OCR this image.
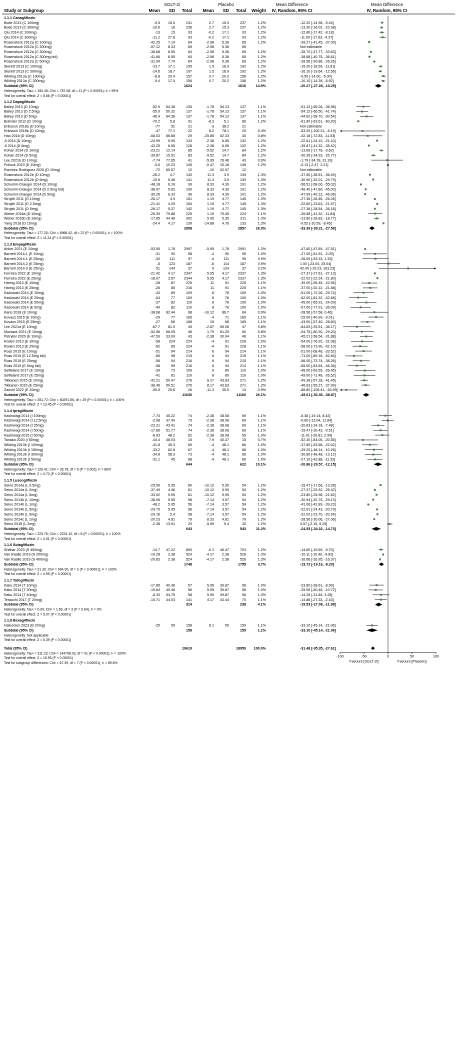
Study or Subgroup
SGLT-2i	Placebo
Mean SD Total Mean SD Total Weight
Mean Difference
IV, Random, 95% CI
Mean Difference
IV, Random, 95% CI
1.1.1 Canagliflozin
Bode 2013 (C 100mg)	-9.5 15.5	241	2.7 15.3	237	1.2%	-12.20 [-14.96, -9.44]
Bode 2013 (C 300mg)	-10.6	16	236	2.7 15.3	237	1.2%	-13.30 [-16.02, -10.38]
Qiu 2014 (C 100mg)	-13	15	93	-0.2 17.1	93	1.2%	-12.80 [-17.42, -8.18]
Qiu 2014 (C 300mg)	-11.2 27.8	93	-0.2 17.1	93	1.2%	-11.00 [-17.63, -4.37]
Rosenstock 2012a (C 100mg)	-42.25 7.14	64	-2.98 5.36	65	1.2%	-39.27 [-41.45, -37.09]
Rosenstock 2012a (C 300mg)	-57.12 8.33	65	-2.98 5.36	65	Not estimable
Rosenstock 2012a (C 300mg)	-38.68 6.55	64	-2.98 5.36	65	1.2%	-35.70 [-37.77, -33.63]
Rosenstock 2012a (C 300mg bid)	-41.66 6.55	64	-2.98 5.36	65	1.2%	-38.68 [-40.75, -36.61]
Rosenstock 2012a (C 50mg)	-31.54 7.74	64	-2.98 5.36	65	1.2%	-28.56 [-30.86, -26.26]
Stenlöf 2013 (C 100mg)	-13.7 17.1	195	1.5 16.9	192	1.2%	-15.20 [-18.59, -11.81]
Stenlöf 2013 (C 300mg)	-14.6 18.7	197	1.5 16.9	192	1.2%	-16.10 [-19.64, -12.56]
Wilding 2013a (C 100mg)	-8.8 20.4	157	0.7 20.2	156	1.2%	-9.50 [-14.00, -5.00]
Wilding 2013a (C 300mg)	-9.4 17.5	156	0.7 20.2	158	1.2%	-10.10 [-14.28, -5.92]
Subtotal (95% CI)	1624	1616	14.9%	-20.27 [-27.28, -13.25]
Heterogeneity: Tau² = 150.45; Chi² = 787.08, df = 11 (P < 0.00001); I² = 99%
Test for overall effect: Z = 5.66 (P < 0.00001)
1.1.2 Dapagliflozin
Bailey 2013 (D 10mg)	-52.9 64.36	135	-1.78 54.13	137	1.1%	-51.12 [-65.26, -36.98]
Bailey 2013 (D 2.5mg)	-55.9 50.32	137	-1.78 54.13	137	1.1%	-54.12 [-66.50, -41.74]
Bailey 2013 (D 5mg)	-46.4 64.36	137	-1.78 54.13	137	1.1%	-44.62 [-58.70, -30.54]
Bolinder 2012 (D 10mg)	-70.2	5.8	91	-8.3	5.1	89	1.2%	-61.90 [-63.61, -60.20]
Eriksson 2018a (D 10mg)	-77	52	21	-3 38.2	21	Not estimable
Eriksson 2018b (D 10mg)	-47 77.1	22	6.2 78.1	20	0.4%	-53.20 [-100.21, -6.19]
Hao 2018 (D 10mg)	-68.03 66.85	29	-25.85 52.33	30	0.8%	-42.18 [-72.83, -11.53]
Ji 2014 (D 10mg)	-24.99 5.95	133	-2.38 6.55	132	1.2%	-22.61 [-24.12, -21.10]
Ji 2014 (D 5mg)	-42.25 6.55	128	-2.38 6.55	132	1.2%	-39.87 [-41.32, -38.42]
Kohan 2014 (D 10mg)	-23.21 12.14	85	-9.52 14.7	84	1.2%	-13.69 [-17.76, -9.62]
Kohan 2014 (D 5mg)	-39.87 15.51	83	-9.52 14.7	84	1.2%	-30.35 [-34.93, -25.77]
Lee 2021b (D 10mg)	-7.74 77.65	41	-5.95 76.46	43	0.9%	-1.79 [-34.78, 31.19]
Pollock 2019 (D 10mg)	-0.6 10.23	145	-0.47 10.18	148	1.2%	-0.13 [-2.47, 2.21]
Ramírez-Rodriguez 2020 (D 10mg)	-72 65.57	12	-10 92.97	12	Not estimable
Rosenstock 2012b (D 10mg)	-26.2	4.7	140	11.3	3.9	139	1.3%	-37.50 [-38.51, -36.49]
Rosenstock 2012b (D 5mg)	-19.6 5.46	141	11.3	3.9	139	1.3%	-30.90 [-32.01, -29.79]
Schumm-Draeger 2014 (D 10mg)	-48.18 6.16	99	8.33 4.39	101	1.2%	-56.51 [-58.00, -55.02]
Schumm-Draeger 2014 (D 2.5mg bid)	-38.07 5.63	100	8.33 4.39	101	1.2%	-46.40 [-47.80, -45.00]
Schumm-Draeger 2014 (D 5mg)	-39.26 6.33	96	8.33 4.39	101	1.2%	-47.59 [-49.12, -46.06]
Strojek 2011 (D 10mg)	-26.17	4.9	151	1.19 4.77	145	1.3%	-27.36 [-28.46, -26.26]
Strojek 2011 (D 2.5mg)	-21.41 4.29	154	1.19 4.77	145	1.3%	-22.60 [-23.63, -21.57]
Strojek 2011 (D 5mg)	-26.17 5.37	142	1.19 4.77	145	1.3%	-27.36 [-28.54, -26.18]
Weber 2016a (D 10mg)	-25.39 79.88	225	1.19 79.45	224	1.1%	-26.58 [-41.32, -11.84]
Weber 2016b (D 10mg)	-17.85 44.46	302	5.95 5.35	311	1.3%	-23.80 [-28.83, -18.77]
Yang 2018 (D 10mg)	-24.4 4.17	139	-14.88 4.76	133	1.3%	-9.52 [-10.59, -8.45]
Subtotal (95% CI)	2858	2857	26.0%	-33.39 [-39.21, -27.56]
Heterogeneity: Tau² = 177.20; Chi² = 6966.42, df = 22 (P < 0.00001); I² = 100%
Test for overall effect: Z = 11.24 (P < 0.00001)
1.1.3 Empagliflozin
Anker 2021 (E 10mg)	-53.55 1.78	2997	-5.95 1.78	2991	1.3%	-47.60 [-47.69, -47.51]
Barnett 2014-1 (E 10mg)	-31	90	98	-4	90	95	1.0%	-27.00 [-51.91, -2.09]
Barnett 2014-1 (E 25mg)	-30	111	97	-4	111	95	0.9%	-26.00 [-53.33, 1.33]
Barnett 2014-2 (E 25mg)	-5	123	187	-6	114	187	0.9%	1.00 [-23.04, 25.04]
Barnett 2014-3 (E 25mg)	51	144	37	9	124	37	0.2%	42.00 [-19.23, 103.23]
Ferreira 2022 (E 10mg)	-21.42 4.17	2347	5.95 4.17	2337	1.3%	-27.37 [-27.61, -27.13]
Ferreira 2022 (E 25mg)	-18.07 3.57	2344	5.95 4.17	2337	1.3%	-22.02 [-22.24, -21.80]
Haring 2013 (E 10mg)	-28	87	225	11	91	225	1.1%	-39.00 [-55.45, -22.55]
Haring 2013 (E 25mg)	-26	85	216	11	91	225	1.1%	-37.00 [-52.12, -21.88]
Kadowaki 2014 (E 10mg)	-43	89	109	8	76	109	1.0%	-51.00 [-72.26, -29.74]
Kadowaki 2014 (E 25mg)	-54	77	109	8	76	109	1.0%	-62.00 [-81.32, -42.68]
Kadowaki 2014 (E 50mg)	-37	82	110	8	76	109	1.0%	-45.00 [-65.91, -24.09]
Kadowaki 2014 (E 5mg)	-49	82	110	8	76	109	1.0%	-57.00 [-77.91, -36.09]
Kario 2018 (E 10mg)	-38.68 82.44	68	-10.12 86.7	64	0.9%	-28.56 [-57.58, 0.46]
Kovacs 2015 (E 10mg)	-29	77	165	-4	71	165	1.1%	-25.00 [-40.99, -9.01]
Kovacs 2015 (E 25mg)	-27	66	168	16	68	165	1.1%	-43.00 [-57.40, -28.60]
Lee 2021a (E 10mg)	-67.7 81.9	45	-2.87 55.06	47	0.8%	-64.83 [-93.51, -36.17]
Mozawa 2021 (E 10mg)	-52.96 66.05	46	1.79 61.29	50	0.8%	-54.75 [-80.30, -29.20]
Petrykiv 2020 (E 10mg)	-47.59 33.09	43	-2.38 30.94	46	1.1%	-45.21 [-58.54, -31.88]
Roden 2013 (E 10mg)	-58	224	224	-4	91	228	1.0%	-54.00 [-76.92, -31.08]
Roden 2013 (E 25mg)	-62	85	224	-4	91	228	1.1%	-58.00 [-73.90, -42.10]
Ross 2015 (E 10mg)	-51	94	214	6	94	214	1.1%	-51.00 [-68.48, -33.52]
Ross 2015 (E 12.5mg bid)	-65	98	215	6	94	215	1.1%	-71.00 [-89.16, -52.84]
Ross 2015 (E 25mg)	-56	94	216	6	94	215	1.1%	-56.00 [-73.74, -38.26]
Ross 2015 (E 5mg bid)	-58	99	216	6	94	214	1.1%	-65.00 [-83.64, -46.36]
Søfteland 2017 (E 10mg)	-39	73	109	9	89	110	1.0%	-48.00 [-69.55, -26.45]
Søfteland 2017 (E 25mg)	-41	81	110	8	89	110	1.0%	-49.00 [-71.48, -26.52]
Tikkanen 2015 (E 10mg)	-41.21 50.47	276	8.17 43.63	271	1.2%	-49.38 [-57.28, -41.46]
Tikkanen 2015 (E 25mg)	-38.46 50.51	276	8.17 43.63	271	1.2%	-46.63 [-55.27, -37.99]
Zanchi 2022 (E 10mg)	-95.5 25.6	26	-11.3 35.5	13	0.9%	-86.80 [-106.41, -63.99]
Subtotal (95% CI)	11630	11160	26.1%	-45.61 [-52.36, -38.87]
Heterogeneity: Tau² = 251.72; Chi² = 60291.85, df = 29 (P < 0.00001); I² = 100%
Test for overall effect: Z = 13.45 (P < 0.00001)
1.1.4 Ipragliflozin
Kashiwagi 2014 (I 100mg)	-7.74 45.22	74	-2.38 38.08	69	1.1%	-5.36 [-19.14, 8.42]
Kashiwagi 2014 (I 12.5mg)	-2.98 37.49	73	-2.38 38.08	69	1.1%	-0.60 [-13.04, 11.84]
Kashiwagi 2014 (I 25mg)	-23.21 43.41	74	-2.38 38.08	69	1.1%	-20.83 [-34.18, -7.48]
Kashiwagi 2014 (I 50mg)	-17.85 51.77	74	-2.38 38.08	69	1.1%	-15.47 [-30.43, -0.51]
Kashiwagi 2015 (I 50mg)	-8.93 48.2	62	-2.38 38.08	59	1.0%	-11.91 [-26.81, 2.99]
Tanaka 2020 (I 50mg)	-44.4 48.03	15	7.9 40.37	15	0.7%	-52.30 [-84.05, -20.55]
Wilding 2013b (I 100mg)	-41.8 45.3	69	-4 48.1	66	1.0%	-37.80 [-53.58, -22.02]
Wilding 2013b (I 150mg)	-33.2 62.6	67	-4 48.1	66	1.0%	-29.20 [-48.14, -10.26]
Wilding 2013b (I 300mg)	-34.8 58.3	73	-4 48.1	66	1.0%	-30.80 [-48.48, -13.12]
Wilding 2013b (I 50mg)	-31.1	45	68	-4 48.1	66	1.0%	-27.10 [-42.88, -11.32]
Subtotal (95% CI)	644	622	10.1%	-20.86 [-29.57, -12.15]
Heterogeneity: Tau² = 126.41; Chi² = 26.78, df = 9 (P = 0.002); I² = 66%
Test for overall effect: Z = 4.70 (P < 0.00001)
1.1.5 Luseogliflozin
Seino 2014a (L 0.5mg)	-25.59 5.95	60	-10.12 5.95	54	1.2%	-15.47 [-17.66, -13.28]
Seino 2014a (L 2mg)	-37.49 4.46	61	-10.12 5.95	54	1.2%	-27.37 [-29.32, -25.42]
Seino 2014a (L 5mg)	-33.92 5.95	61	-10.12 5.95	54	1.2%	-23.80 [-25.98, -21.62]
Seino 2014b (L 10mg)	-38.08 5.95	58	-7.14 3.57	54	1.2%	-30.94 [-32.75, -29.13]
Seino 2014b (L 1mg)	-48.2 5.95	56	-7.14 3.57	54	1.2%	-41.06 [-42.89, -39.23]
Seino 2014b (L 5mg)	-29.75 5.95	56	-7.14 3.57	54	1.2%	-22.61 [-24.43, -20.79]
Seino 2014b (L 5mg)	-29.16	5.4	58	-7.14 3.57	54	1.2%	-22.02 [-23.70, -20.34]
Seino 2014c (L 1mg)	-20.23 4.81	79	8.33 4.81	79	1.2%	-28.56 [-30.06, -27.06]
Seino 2018 (L 2mg)	-2.38 13.91	29	-5.95	5.4	30	1.2%	3.57 [-2.15, 9.29]
Subtotal (95% CI)	643	543	11.2%	-24.53 [-34.32, -14.73]
Heterogeneity: Tau² = 223.76; Chi² = 2224.10, df = 8 (P < 0.00001); I² = 100%
Test for overall effect: Z = 4.91 (P < 0.00001)
1.1.6 Sotagliflozin
Sridhar 2023 (S 400mg)	-14.7 47.22	690	-0.1 46.47	703	1.2%	-14.60 [-19.59, -9.70]
Van Raalte 2019 (S 200mg)	-14.28 2.38	524	-4.17 2.38	526	1.3%	-10.11 [-10.40, -9.82]
Van Raalte 2019 (S 400mg)	-20.83 2.38	524	-4.17 2.38	526	1.3%	-16.66 [-16.95, -16.37]
Subtotal (95% CI)	1748	1755	3.7%	-13.72 [-19.16, -8.29]
Heterogeneity: Tau² = 21.30; Chi² = 994.00, df = 2 (P < 0.00001); I² = 100%
Test for overall effect: Z = 4.95 (P < 0.00001)
1.1.7 Tofogliflozin
Kaku 2014 (T 10mg)	-17.85 40.46	57	5.95 39.87	56	1.0%	-23.80 [-38.61, -8.99]
Kaku 2014 (T 20mg)	-19.64 40.46	56	5.95 39.87	56	1.0%	-25.59 [-40.46, -10.72]
Kaku 2014 (T 40mg)	-8.33 54.75	58	5.95 39.87	56	1.0%	-14.28 [-31.84, 3.28]
Terauchi 2017 (T 20mg)	-10.71 44.03	141	4.17 43.44	70	1.1%	-14.88 [-27.33, -2.43]
Subtotal (95% CI)	314	238	4.1%	-19.53 [-27.08, -11.98]
Heterogeneity: Tau² = 0.00; Chi² = 1.69, df = 3 (P = 0.64); I² = 0%
Test for overall effect: Z = 5.07 (P < 0.00001)
1.1.8 Bexagliflozin
Halvorsen 2023 (B 20mg)	-25	59	158	8.1	50	159	1.1%	-33.10 [-45.14, -21.06]
Subtotal (95% CI)	158	159	1.1%	-33.10 [-45.14, -21.06]
Heterogeneity: Not applicable
Test for overall effect: Z = 5.39 (P < 0.00001)
Total (95% CI)	19619	18950 100.0%	-31.48 [-35.35, -27.61]
Heterogeneity: Tau² = 311.23; Chi² = 144798.03, df = 91 (P < 0.00001); I² = 100%
Test for overall effect: Z = 15.95 (P < 0.00001)
Test for subgroup differences: Chi² = 67.39, df = 7 (P < 0.00001), I² = 89.6%
-100	-50	0	50	100
Favours [SGLT-2i]	Favours [Placebo]
